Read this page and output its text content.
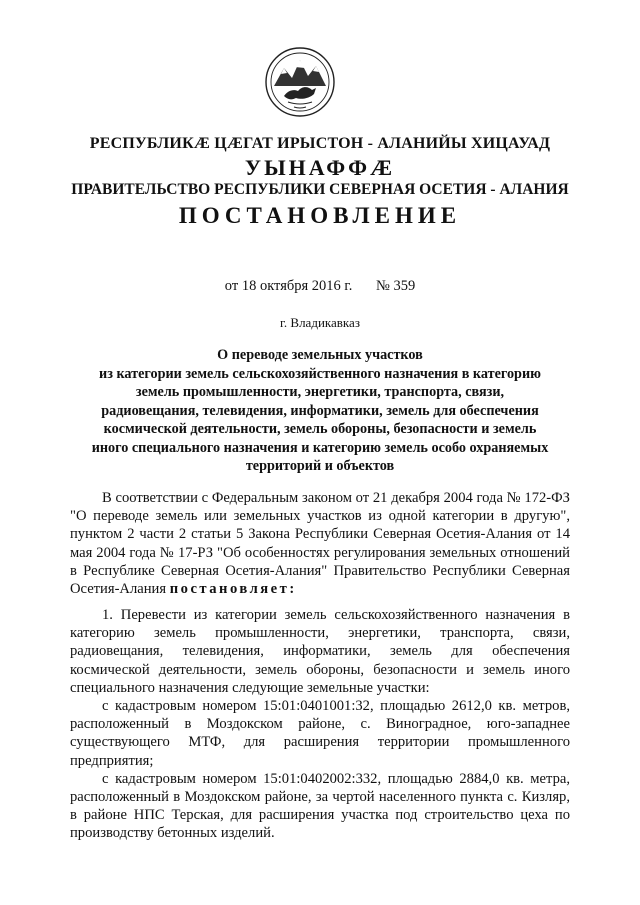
РЕСПУБЛИКÆ ЦÆГАТ ИРЫСТОН - АЛАНИЙЫ ХИЦАУАД
УЫНАФФÆ
ПРАВИТЕЛЬСТВО РЕСПУБЛИКИ СЕВЕРНАЯ ОСЕТИЯ - АЛАНИЯ
ПОСТАНОВЛЕНИЕ
от 18 октября 2016 г. № 359
г. Владикавказ
О переводе земельных участков
из категории земель сельскохозяйственного назначения в категорию
земель промышленности, энергетики, транспорта, связи,
радиовещания, телевидения, информатики, земель для обеспечения
космической деятельности, земель обороны, безопасности и земель
иного специального назначения и категорию земель особо охраняемых
территорий и объектов

В соответствии с Федеральным законом от 21 декабря 2004 года № 172-ФЗ "О переводе земель или земельных участков из одной категории в другую", пунктом 2 части 2 статьи 5 Закона Республики Северная Осетия-Алания от 14 мая 2004 года № 17-РЗ "Об особенностях регулирования земельных отношений в Республике Северная Осетия-Алания" Правительство Республики Северная Осетия-Алания постановляет:

1. Перевести из категории земель сельскохозяйственного назначения в категорию земель промышленности, энергетики, транспорта, связи, радиовещания, телевидения, информатики, земель для обеспечения космической деятельности, земель обороны, безопасности и земель иного специального назначения следующие земельные участки:

с кадастровым номером 15:01:0401001:32, площадью 2612,0 кв. метров, расположенный в Моздокском районе, с. Виноградное, юго-западнее существующего МТФ, для расширения территории промышленного предприятия;

с кадастровым номером 15:01:0402002:332, площадью 2884,0 кв. метра, расположенный в Моздокском районе, за чертой населенного пункта с. Кизляр, в районе НПС Терская, для расширения участка под строительство цеха по производству бетонных изделий.
